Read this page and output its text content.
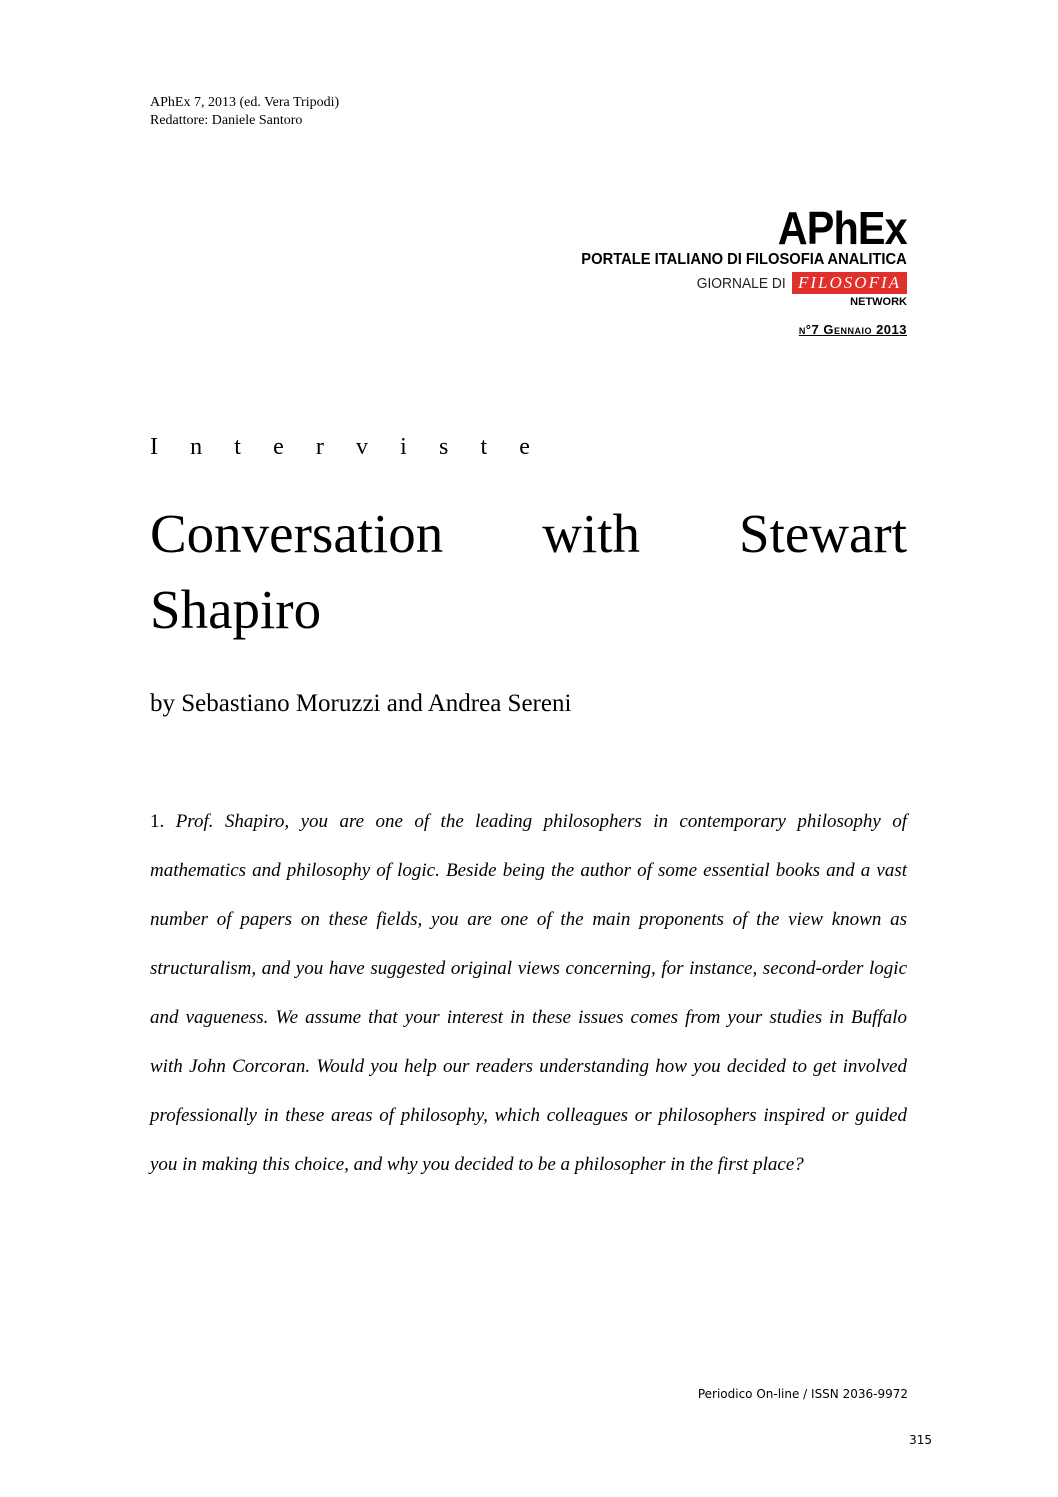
APhEx 7, 2013 (ed. Vera Tripodi)
Redattore: Daniele Santoro
APhEx
PORTALE ITALIANO DI FILOSOFIA ANALITICA
GIORNALE DI FILOSOFIA
NETWORK
n°7 Gennaio 2013
I n t e r v i s t e
Conversation with Stewart Shapiro
by Sebastiano Moruzzi and Andrea Sereni

1. Prof. Shapiro, you are one of the leading philosophers in contemporary philosophy of mathematics and philosophy of logic. Beside being the author of some essential books and a vast number of papers on these fields, you are one of the main proponents of the view known as structuralism, and you have suggested original views concerning, for instance, second-order logic and vagueness. We assume that your interest in these issues comes from your studies in Buffalo with John Corcoran. Would you help our readers understanding how you decided to get involved professionally in these areas of philosophy, which colleagues or philosophers inspired or guided you in making this choice, and why you decided to be a philosopher in the first place?

Periodico On-line / ISSN 2036-9972
315
